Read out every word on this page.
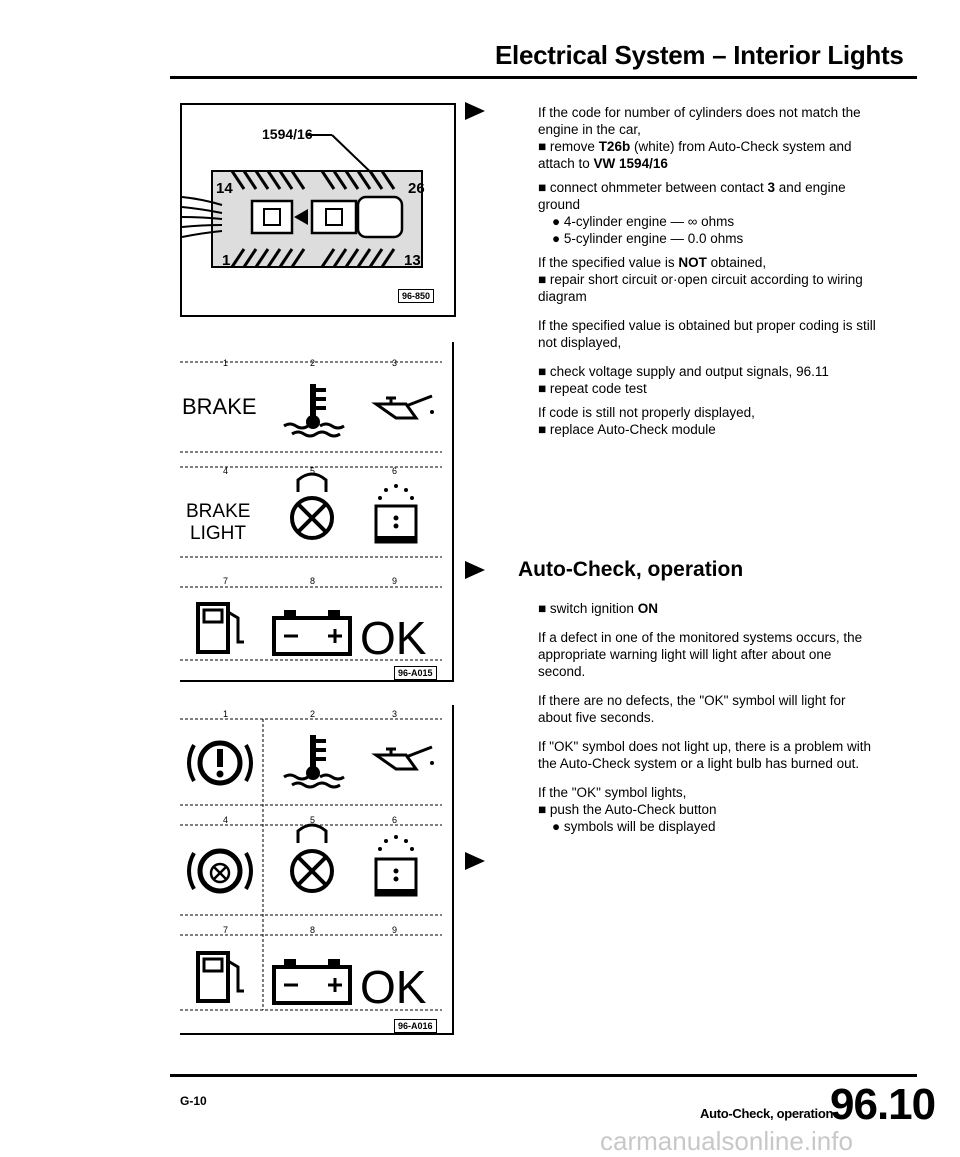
Electrical System – Interior Lights
1594/16
14	26
1	13
96-850
1	2	3
4	5	6
7	8	9
BRAKE
BRAKE
LIGHT
OK
96-A015
1	2	3
4	5	6
7	8	9
OK
96-A016

If the code for number of cylinders does not match the engine in the car,
■ remove T26b (white) from Auto-Check system and attach to VW 1594/16

■ connect ohmmeter between contact 3 and engine ground
● 4-cylinder engine — ∞ ohms
● 5-cylinder engine — 0.0 ohms

If the specified value is NOT obtained,
■ repair short circuit or·open circuit according to wiring diagram

If the specified value is obtained but proper coding is still not displayed,

■ check voltage supply and output signals, 96.11
■ repeat code test

If code is still not properly displayed,
■ replace Auto-Check module

Auto-Check, operation

■ switch ignition ON

If a defect in one of the monitored systems occurs, the appropriate warning light will light after about one second.

If there are no defects, the "OK" symbol will light for about five seconds.

If "OK" symbol does not light up, there is a problem with the Auto-Check system or a light bulb has burned out.

If the "OK" symbol lights,
■ push the Auto-Check button
● symbols will be displayed

G-10
Auto-Check, operation
96.10
carmanualsonline.info
